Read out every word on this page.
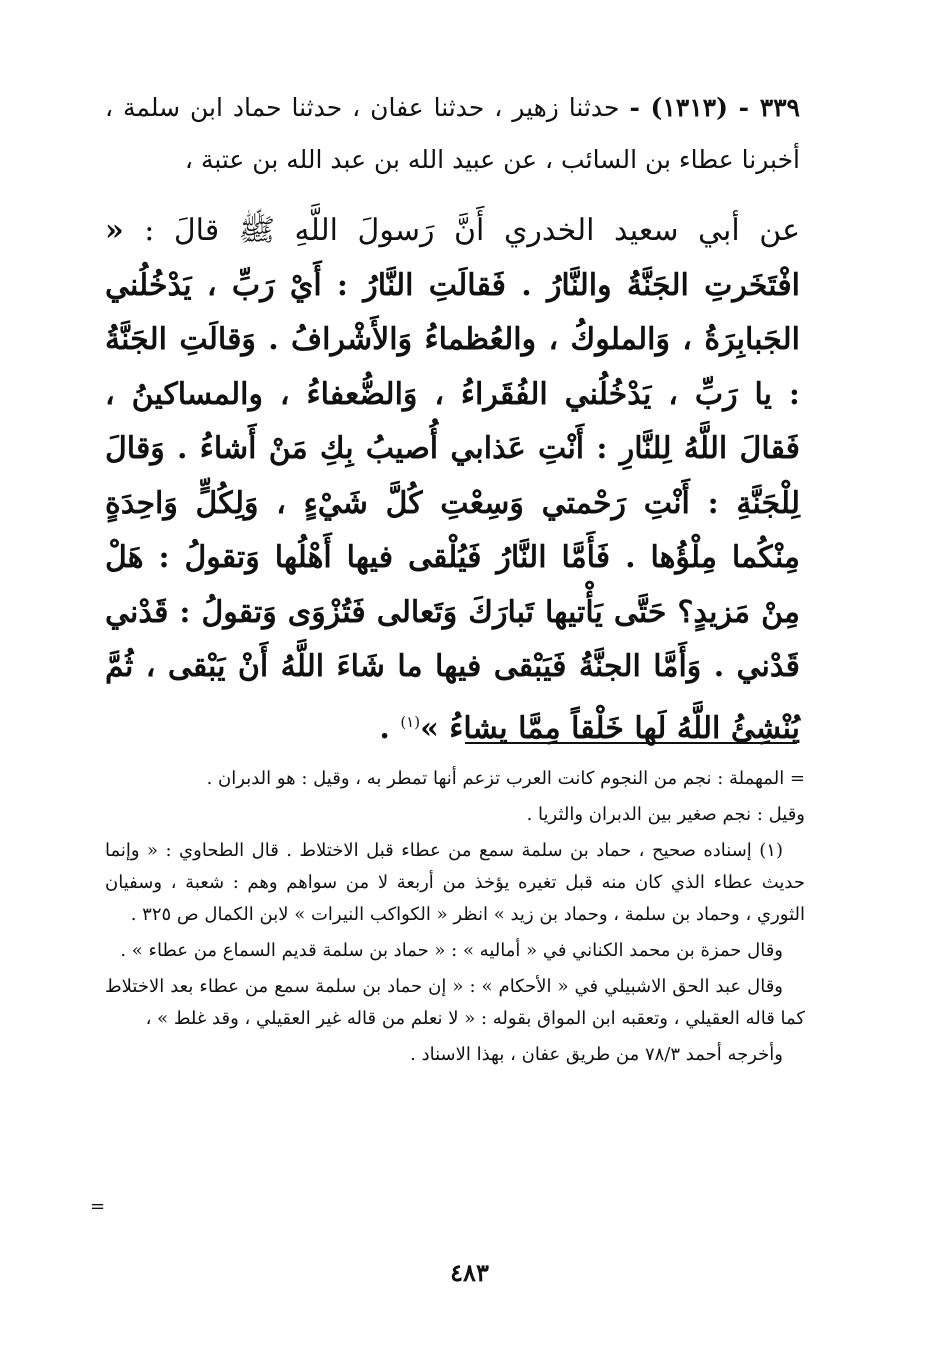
٣٣٩ - (١٣١٣) - حدثنا زهير ، حدثنا عفان ، حدثنا حماد ابن سلمة ، أخبرنا عطاء بن السائب ، عن عبيد الله بن عبد الله بن عتبة ،

عن أبي سعيد الخدري أَنَّ رَسولَ اللَّهِ ﷺ قالَ : « افْتَخَرتِ الجَنَّةُ والنَّارُ . فَقالَتِ النَّارُ : أَيْ رَبِّ ، يَدْخُلُني الجَبابِرَةُ ، وَالملوكُ ، والعُظماءُ وَالأَشْرافُ . وَقالَتِ الجَنَّةُ : يا رَبِّ ، يَدْخُلُني الفُقَراءُ ، وَالضُّعفاءُ ، والمساكينُ ، فَقالَ اللَّهُ لِلنَّارِ : أَنْتِ عَذابي أُصيبُ بِكِ مَنْ أَشاءُ . وَقالَ لِلْجَنَّةِ : أَنْتِ رَحْمتي وَسِعْتِ كُلَّ شَيْءٍ ، وَلِكُلٍّ وَاحِدَةٍ مِنْكُما مِلْؤُها . فَأَمَّا النَّارُ فَيُلْقى فيها أَهْلُها وَتقولُ : هَلْ مِنْ مَزيدٍ؟ حَتَّى يَأْتيها تَبارَكَ وَتَعالى فَتُزْوَى وَتقولُ : قَدْني قَدْني . وَأَمَّا الجنَّةُ فَيَبْقى فيها ما شَاءَ اللَّهُ أَنْ يَبْقى ، ثُمَّ يُنْشِئُ اللَّهُ لَها خَلْقاً مِمَّا يشاءُ »$^{(١)}$ .

= المهملة : نجم من النجوم كانت العرب تزعم أنها تمطر به ، وقيل : هو الدبران .

وقيل : نجم صغير بين الدبران والثريا .

(١) إسناده صحيح ، حماد بن سلمة سمع من عطاء قبل الاختلاط . قال الطحاوي : « وإنما حديث عطاء الذي كان منه قبل تغيره يؤخذ من أربعة لا من سواهم وهم : شعبة ، وسفيان الثوري ، وحماد بن سلمة ، وحماد بن زيد » انظر « الكواكب النيرات » لابن الكمال ص ٣٢٥ .

وقال حمزة بن محمد الكناني في « أماليه » : « حماد بن سلمة قديم السماع من عطاء » .

وقال عبد الحق الاشبيلي في « الأحكام » : « إن حماد بن سلمة سمع من عطاء بعد الاختلاط كما قاله العقيلي ، وتعقبه ابن المواق بقوله : « لا نعلم من قاله غير العقيلي ، وقد غلط » ،

وأخرجه أحمد ٧٨/٣ من طريق عفان ، بهذا الاسناد .

=
٤٨٣
